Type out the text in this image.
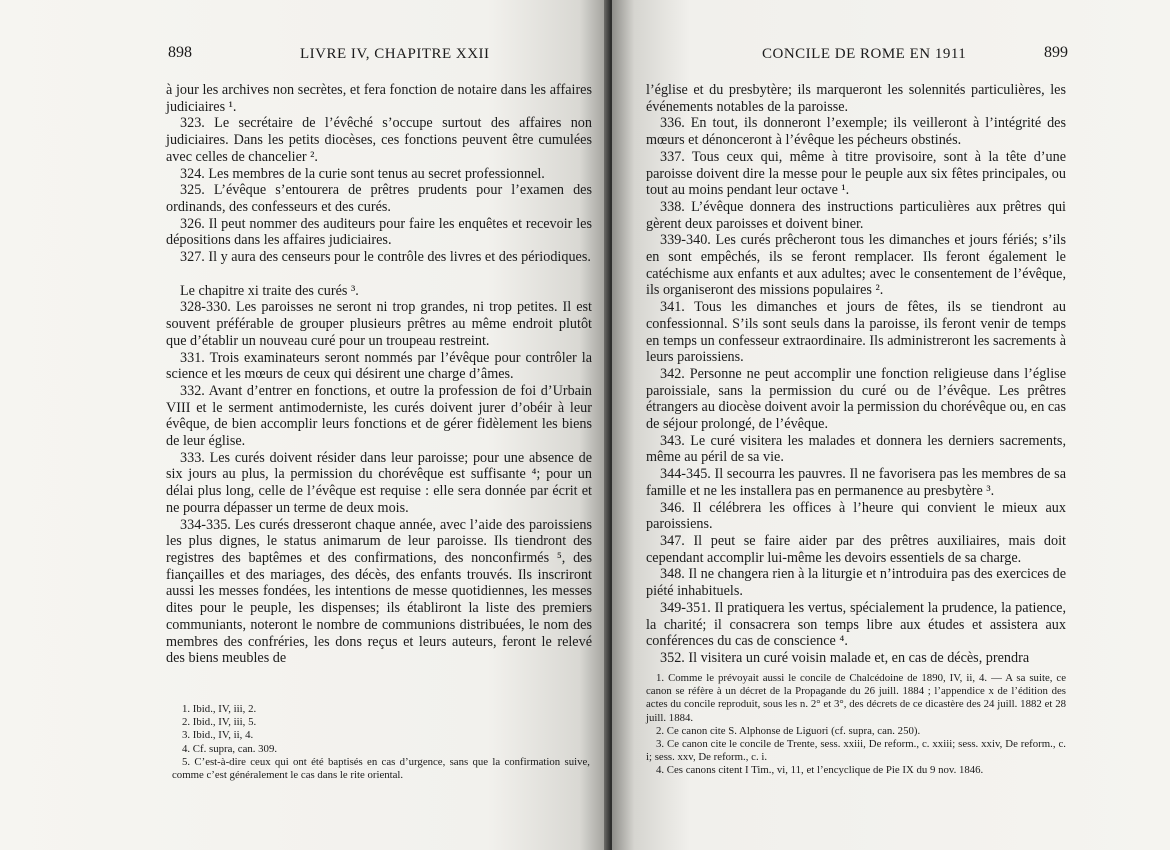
898	LIVRE IV, CHAPITRE XXII

à jour les archives non secrètes, et fera fonction de notaire dans les affaires judiciaires ¹.

323. Le secrétaire de l’évêché s’occupe surtout des affaires non judiciaires. Dans les petits diocèses, ces fonctions peuvent être cumulées avec celles de chancelier ².

324. Les membres de la curie sont tenus au secret professionnel.

325. L’évêque s’entourera de prêtres prudents pour l’examen des ordinands, des confesseurs et des curés.

326. Il peut nommer des auditeurs pour faire les enquêtes et recevoir les dépositions dans les affaires judiciaires.

327. Il y aura des censeurs pour le contrôle des livres et des périodiques.

Le chapitre xi traite des curés ³.

328-330. Les paroisses ne seront ni trop grandes, ni trop petites. Il est souvent préférable de grouper plusieurs prêtres au même endroit plutôt que d’établir un nouveau curé pour un troupeau restreint.

331. Trois examinateurs seront nommés par l’évêque pour contrôler la science et les mœurs de ceux qui désirent une charge d’âmes.

332. Avant d’entrer en fonctions, et outre la profession de foi d’Urbain VIII et le serment antimoderniste, les curés doivent jurer d’obéir à leur évêque, de bien accomplir leurs fonctions et de gérer fidèlement les biens de leur église.

333. Les curés doivent résider dans leur paroisse; pour une absence de six jours au plus, la permission du chorévêque est suffisante ⁴; pour un délai plus long, celle de l’évêque est requise : elle sera donnée par écrit et ne pourra dépasser un terme de deux mois.

334-335. Les curés dresseront chaque année, avec l’aide des paroissiens les plus dignes, le status animarum de leur paroisse. Ils tiendront des registres des baptêmes et des confirmations, des nonconfirmés ⁵, des fiançailles et des mariages, des décès, des enfants trouvés. Ils inscriront aussi les messes fondées, les intentions de messe quotidiennes, les messes dites pour le peuple, les dispenses; ils établiront la liste des premiers communiants, noteront le nombre de communions distribuées, le nom des membres des confréries, les dons reçus et leurs auteurs, feront le relevé des biens meubles de

1. Ibid., IV, iii, 2.

2. Ibid., IV, iii, 5.

3. Ibid., IV, ii, 4.

4. Cf. supra, can. 309.

5. C’est-à-dire ceux qui ont été baptisés en cas d’urgence, sans que la confirmation suive, comme c’est généralement le cas dans le rite oriental.

CONCILE DE ROME EN 1911	899

l’église et du presbytère; ils marqueront les solennités particulières, les événements notables de la paroisse.

336. En tout, ils donneront l’exemple; ils veilleront à l’intégrité des mœurs et dénonceront à l’évêque les pécheurs obstinés.

337. Tous ceux qui, même à titre provisoire, sont à la tête d’une paroisse doivent dire la messe pour le peuple aux six fêtes principales, ou tout au moins pendant leur octave ¹.

338. L’évêque donnera des instructions particulières aux prêtres qui gèrent deux paroisses et doivent biner.

339-340. Les curés prêcheront tous les dimanches et jours fériés; s’ils en sont empêchés, ils se feront remplacer. Ils feront également le catéchisme aux enfants et aux adultes; avec le consentement de l’évêque, ils organiseront des missions populaires ².

341. Tous les dimanches et jours de fêtes, ils se tiendront au confessionnal. S’ils sont seuls dans la paroisse, ils feront venir de temps en temps un confesseur extraordinaire. Ils administreront les sacrements à leurs paroissiens.

342. Personne ne peut accomplir une fonction religieuse dans l’église paroissiale, sans la permission du curé ou de l’évêque. Les prêtres étrangers au diocèse doivent avoir la permission du chorévêque ou, en cas de séjour prolongé, de l’évêque.

343. Le curé visitera les malades et donnera les derniers sacrements, même au péril de sa vie.

344-345. Il secourra les pauvres. Il ne favorisera pas les membres de sa famille et ne les installera pas en permanence au presbytère ³.

346. Il célébrera les offices à l’heure qui convient le mieux aux paroissiens.

347. Il peut se faire aider par des prêtres auxiliaires, mais doit cependant accomplir lui-même les devoirs essentiels de sa charge.

348. Il ne changera rien à la liturgie et n’introduira pas des exercices de piété inhabituels.

349-351. Il pratiquera les vertus, spécialement la prudence, la patience, la charité; il consacrera son temps libre aux études et assistera aux conférences du cas de conscience ⁴.

352. Il visitera un curé voisin malade et, en cas de décès, prendra

1. Comme le prévoyait aussi le concile de Chalcédoine de 1890, IV, ii, 4. — A sa suite, ce canon se réfère à un décret de la Propagande du 26 juill. 1884 ; l’appendice x de l’édition des actes du concile reproduit, sous les n. 2° et 3°, des décrets de ce dicastère des 24 juill. 1882 et 28 juill. 1884.

2. Ce canon cite S. Alphonse de Liguori (cf. supra, can. 250).

3. Ce canon cite le concile de Trente, sess. xxiii, De reform., c. xxiii; sess. xxiv, De reform., c. i; sess. xxv, De reform., c. i.

4. Ces canons citent I Tim., vi, 11, et l’encyclique de Pie IX du 9 nov. 1846.
